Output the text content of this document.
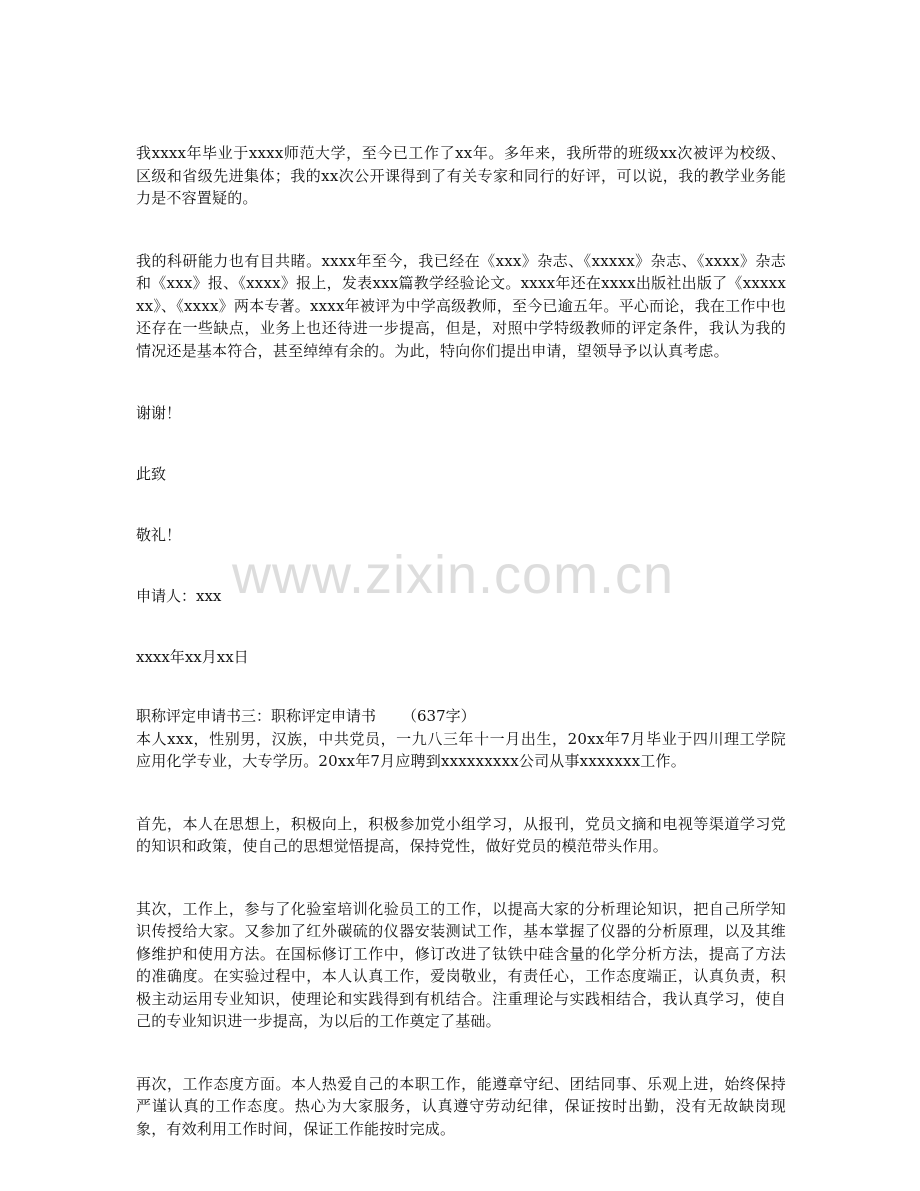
www.zixin.com.cn

我xxxx年毕业于xxxx师范大学，至今已工作了xx年。多年来，我所带的班级xx次被评为校级、区级和省级先进集体；我的xx次公开课得到了有关专家和同行的好评，可以说，我的教学业务能力是不容置疑的。

我的科研能力也有目共睹。xxxx年至今，我已经在《xxx》杂志、《xxxxx》杂志、《xxxx》杂志和《xxx》报、《xxxx》报上，发表xxx篇教学经验论文。xxxx年还在xxxx出版社出版了《xxxxxxx》、《xxxx》两本专著。xxxx年被评为中学高级教师，至今已逾五年。平心而论，我在工作中也还存在一些缺点，业务上也还待进一步提高，但是，对照中学特级教师的评定条件，我认为我的情况还是基本符合，甚至绰绰有余的。为此，特向你们提出申请，望领导予以认真考虑。

谢谢！

此致

敬礼！

申请人：xxx

xxxx年xx月xx日

职称评定申请书三：职称评定申请书 （637字）

本人xxx，性别男，汉族，中共党员，一九八三年十一月出生，20xx年7月毕业于四川理工学院应用化学专业，大专学历。20xx年7月应聘到xxxxxxxxx公司从事xxxxxxx工作。

首先，本人在思想上，积极向上，积极参加党小组学习，从报刊，党员文摘和电视等渠道学习党的知识和政策，使自己的思想觉悟提高，保持党性，做好党员的模范带头作用。

其次，工作上，参与了化验室培训化验员工的工作，以提高大家的分析理论知识，把自己所学知识传授给大家。又参加了红外碳硫的仪器安装测试工作，基本掌握了仪器的分析原理，以及其维修维护和使用方法。在国标修订工作中，修订改进了钛铁中硅含量的化学分析方法，提高了方法的准确度。在实验过程中，本人认真工作，爱岗敬业，有责任心，工作态度端正，认真负责，积极主动运用专业知识，使理论和实践得到有机结合。注重理论与实践相结合，我认真学习，使自己的专业知识进一步提高，为以后的工作奠定了基础。

再次，工作态度方面。本人热爱自己的本职工作，能遵章守纪、团结同事、乐观上进，始终保持严谨认真的工作态度。热心为大家服务，认真遵守劳动纪律，保证按时出勤，没有无故缺岗现象，有效利用工作时间，保证工作能按时完成。
